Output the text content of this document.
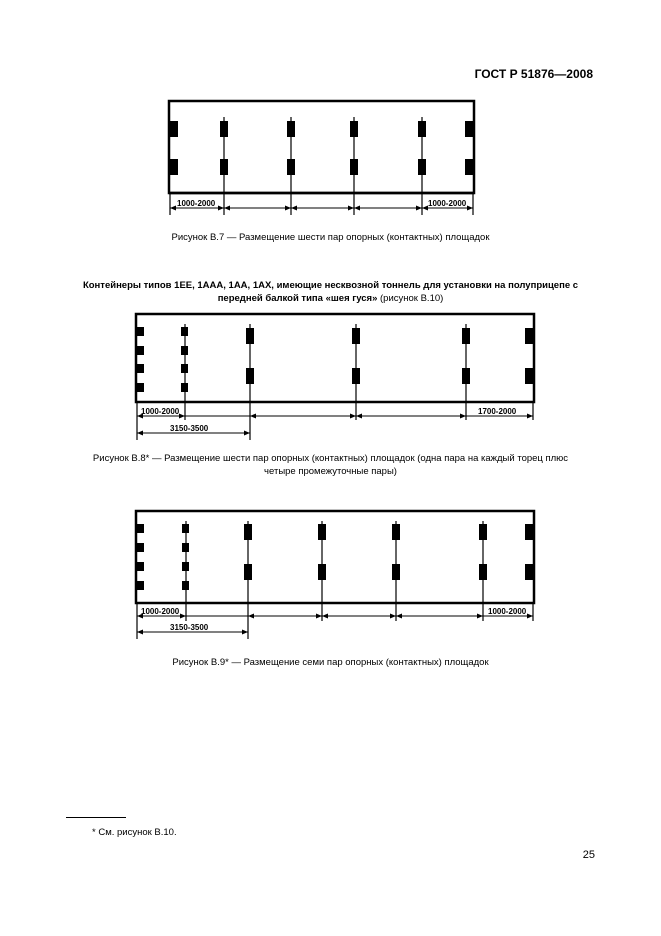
ГОСТ Р 51876—2008
1000-2000	1000-2000
Рисунок В.7 — Размещение шести пар опорных (контактных) площадок
Контейнеры типов 1ЕЕ, 1ААА, 1АА, 1АХ, имеющие несквозной тоннель для установки на полуприцепе с передней балкой типа «шея гуся» (рисунок В.10)
1000-2000	1700-2000
3150-3500
Рисунок В.8* — Размещение шести пар опорных (контактных) площадок (одна пара на каждый торец плюс четыре промежуточные пары)
1000-2000	1000-2000
3150-3500
Рисунок В.9* — Размещение семи пар опорных (контактных) площадок
* См. рисунок В.10.
25
